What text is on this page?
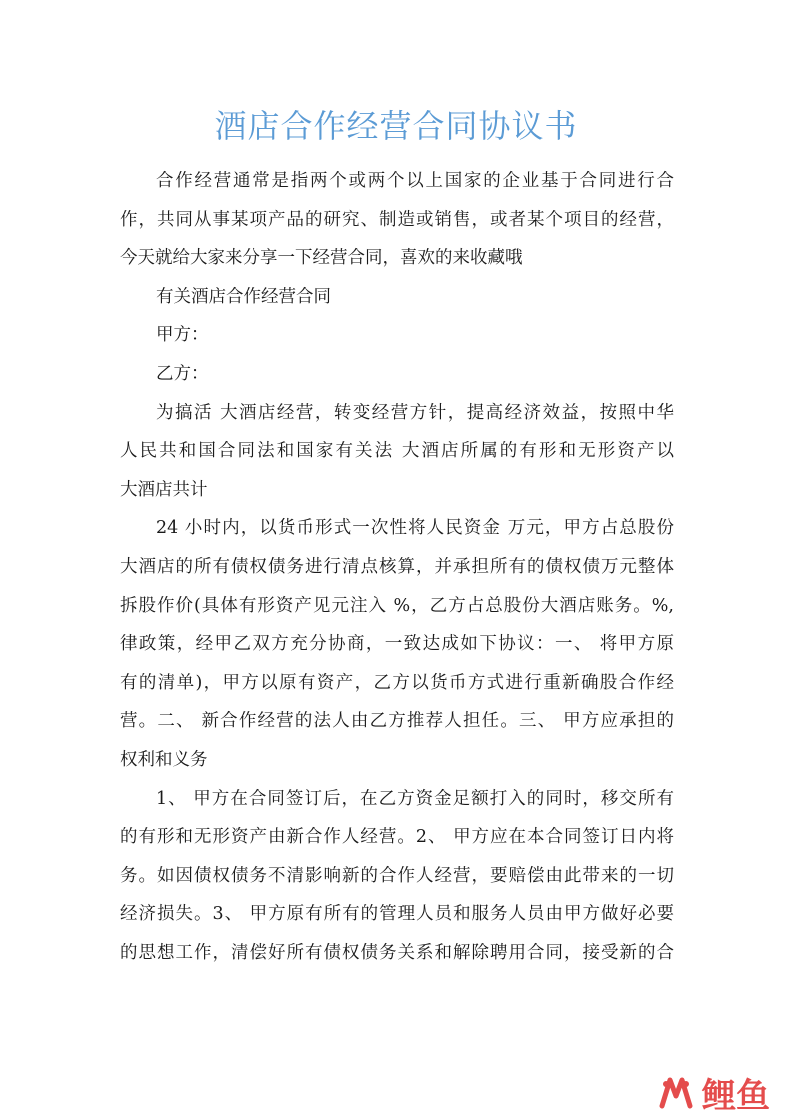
酒店合作经营合同协议书
合作经营通常是指两个或两个以上国家的企业基于合同进行合
作，共同从事某项产品的研究、制造或销售，或者某个项目的经营，
今天就给大家来分享一下经营合同，喜欢的来收藏哦
有关酒店合作经营合同
甲方：
乙方：
为搞活 大酒店经营，转变经营方针，提高经济效益，按照中华
人民共和国合同法和国家有关法 大酒店所属的有形和无形资产以
大酒店共计
24 小时内，以货币形式一次性将人民资金 万元，甲方占总股份
大酒店的所有债权债务进行清点核算，并承担所有的债权债万元整体
拆股作价(具体有形资产见元注入 %，乙方占总股份大酒店账务。%,
律政策，经甲乙双方充分协商，一致达成如下协议：一、 将甲方原
有的清单)，甲方以原有资产，乙方以货币方式进行重新确股合作经
营。二、 新合作经营的法人由乙方推荐人担任。三、 甲方应承担的
权利和义务
1、 甲方在合同签订后，在乙方资金足额打入的同时，移交所有
的有形和无形资产由新合作人经营。2、 甲方应在本合同签订日内将
务。如因债权债务不清影响新的合作人经营，要赔偿由此带来的一切
经济损失。3、 甲方原有所有的管理人员和服务人员由甲方做好必要
的思想工作，清偿好所有债权债务关系和解除聘用合同，接受新的合
鲤鱼
